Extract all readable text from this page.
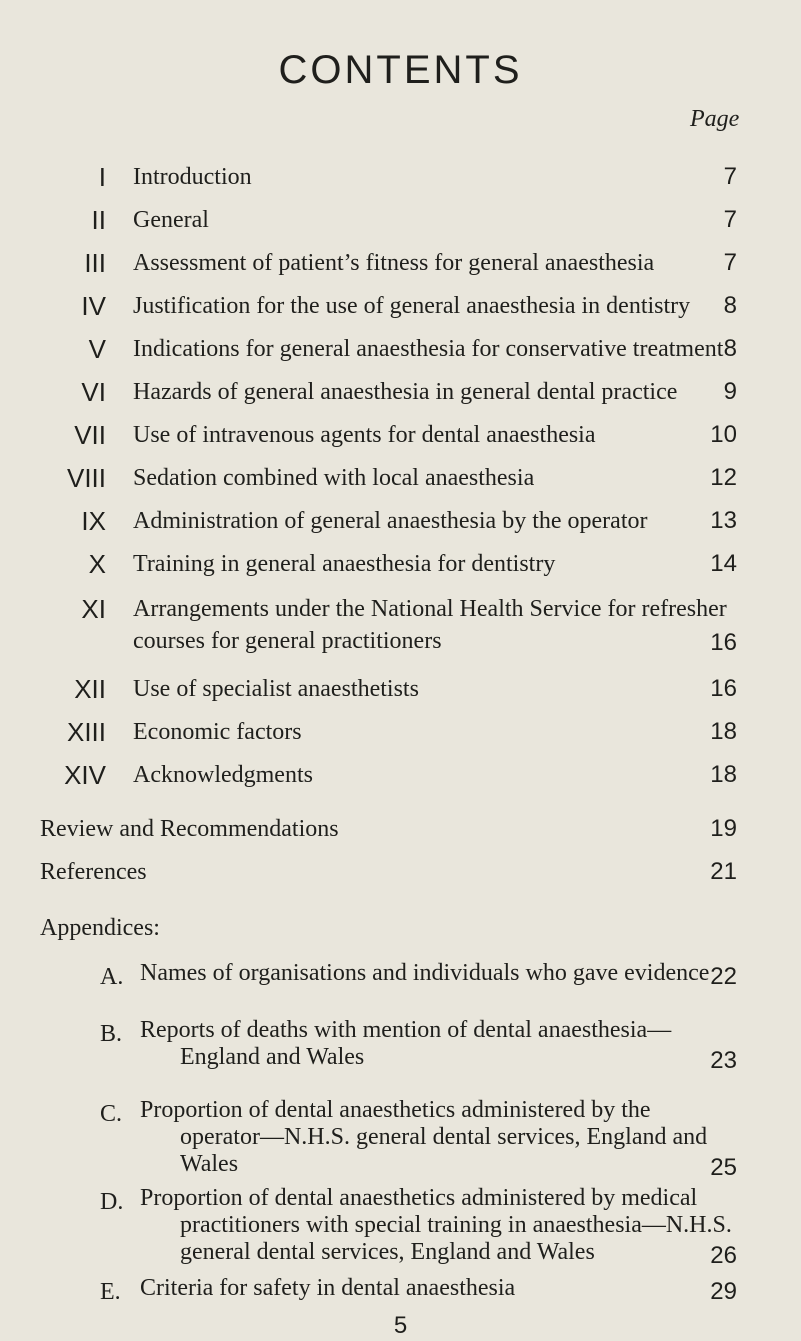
CONTENTS
Page
I Introduction	7
II General	7
III Assessment of patient’s fitness for general anaesthesia	7
IV Justification for the use of general anaesthesia in dentistry 8
V Indications for general anaesthesia for conservative treatment 8
VI Hazards of general anaesthesia in general dental practice 9
VII Use of intravenous agents for dental anaesthesia	10
VIII Sedation combined with local anaesthesia	12
IX Administration of general anaesthesia by the operator	13
X Training in general anaesthesia for dentistry	14
XI Arrangements under the National Health Service for refresher
courses for general practitioners	16
XII Use of specialist anaesthetists	16
XIII Economic factors	18
XIV Acknowledgments	18
Review and Recommendations	19
References	21
Appendices:
A. Names of organisations and individuals who gave evidence 22
B. Reports of deaths with mention of dental anaesthesia—
England and Wales	23
C. Proportion of dental anaesthetics administered by the
operator—N.H.S. general dental services, England and
Wales	25
D. Proportion of dental anaesthetics administered by medical
practitioners with special training in anaesthesia—N.H.S.
general dental services, England and Wales	26
E. Criteria for safety in dental anaesthesia	29
5
